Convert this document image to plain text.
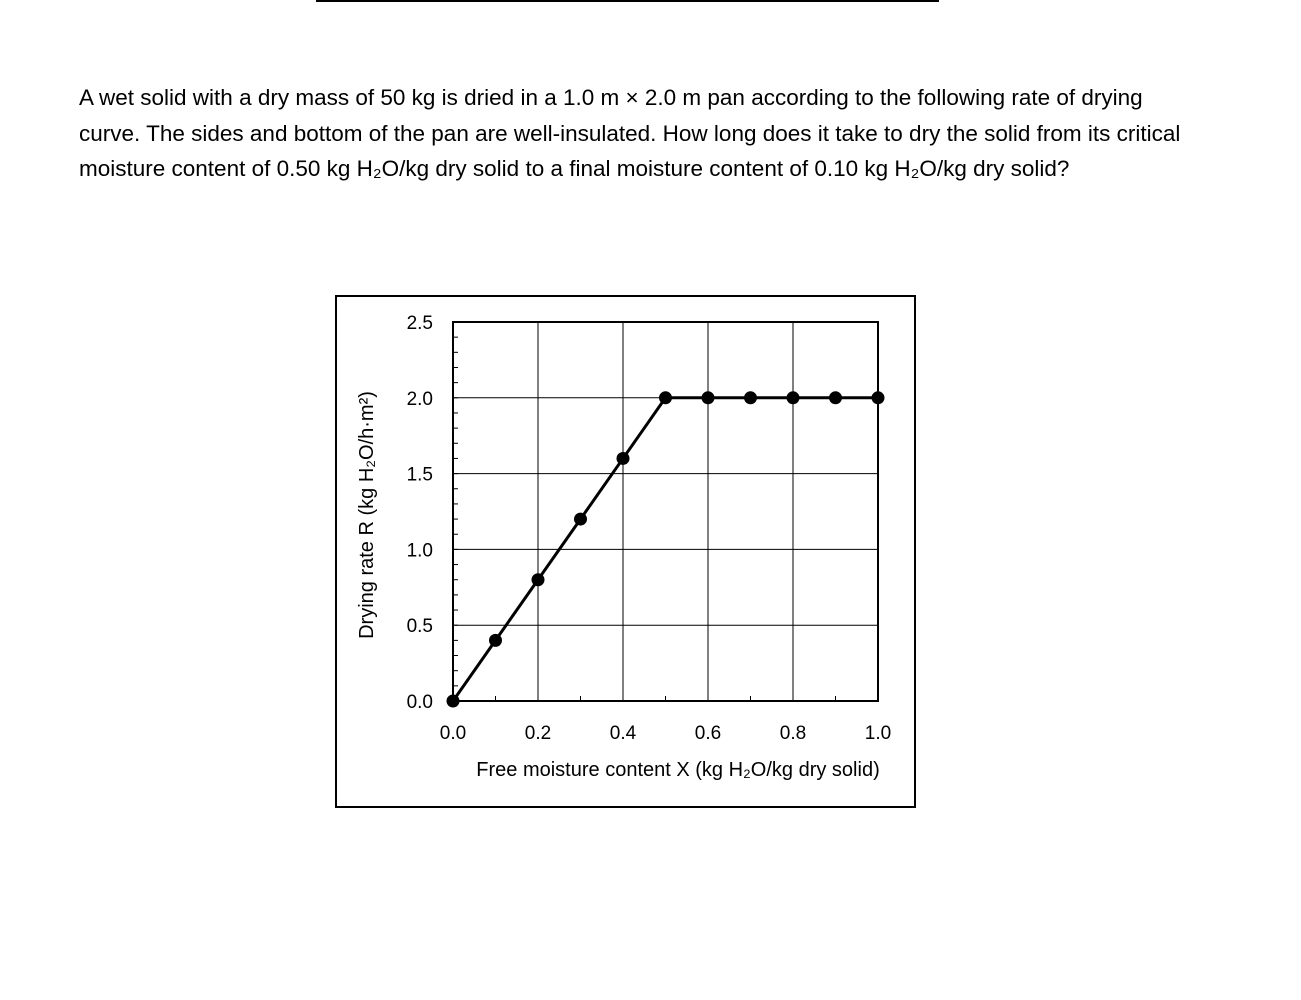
A wet solid with a dry mass of 50 kg is dried in a 1.0 m × 2.0 m pan according to the following rate of drying curve. The sides and bottom of the pan are well-insulated. How long does it take to dry the solid from its critical moisture content of 0.50 kg H₂O/kg dry solid to a final moisture content of 0.10 kg H₂O/kg dry solid?

0.0	0.2	0.4	0.6	0.8	1.0
0.0
0.5
1.0
1.5
2.0
2.5
Free moisture content X (kg H₂O/kg dry solid)
Drying rate R (kg H₂O/h·m²)
